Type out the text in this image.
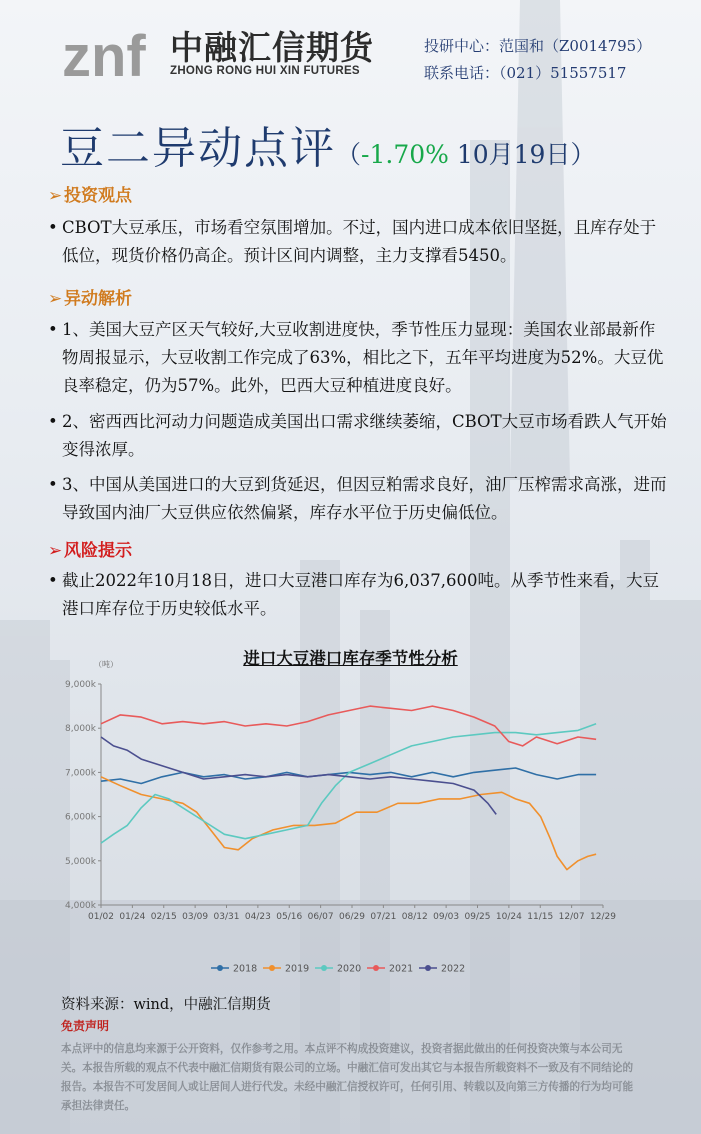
znf 中融汇信期货
ZHONG RONG HUI XIN FUTURES
投研中心：范国和（Z0014795）
联系电话：（021）51557517
豆二异动点评（-1.70% 10月19日）
➢ 投资观点
• CBOT大豆承压，市场看空氛围增加。不过，国内进口成本依旧坚挺，且库存处于低位，现货价格仍高企。预计区间内调整，主力支撑看5450。
➢ 异动解析
• 1、美国大豆产区天气较好,大豆收割进度快，季节性压力显现：美国农业部最新作物周报显示，大豆收割工作完成了63%，相比之下，五年平均进度为52%。大豆优良率稳定，仍为57%。此外，巴西大豆种植进度良好。
• 2、密西西比河动力问题造成美国出口需求继续萎缩，CBOT大豆市场看跌人气开始变得浓厚。
• 3、中国从美国进口的大豆到货延迟，但因豆粕需求良好，油厂压榨需求高涨，进而导致国内油厂大豆供应依然偏紧，库存水平位于历史偏低位。
➢ 风险提示
• 截止2022年10月18日，进口大豆港口库存为6,037,600吨。从季节性来看，大豆港口库存位于历史较低水平。
进口大豆港口库存季节性分析
（吨）
4,000k
5,000k
6,000k
7,000k
8,000k
9,000k
01/02 01/24 02/15 03/09 03/31 04/23 05/16 06/07 06/29 07/21 08/12 09/03 09/25 10/24 11/15 12/07 12/29
2018	2019	2020	2021	2022
资料来源：wind，中融汇信期货
免责声明
本点评中的信息均来源于公开资料，仅作参考之用。本点评不构成投资建议，投资者据此做出的任何投资决策与本公司无关。本报告所载的观点不代表中融汇信期货有限公司的立场。中融汇信可发出其它与本报告所载资料不一致及有不同结论的报告。本报告不可发居间人或让居间人进行代发。未经中融汇信授权许可，任何引用、转载以及向第三方传播的行为均可能承担法律责任。
